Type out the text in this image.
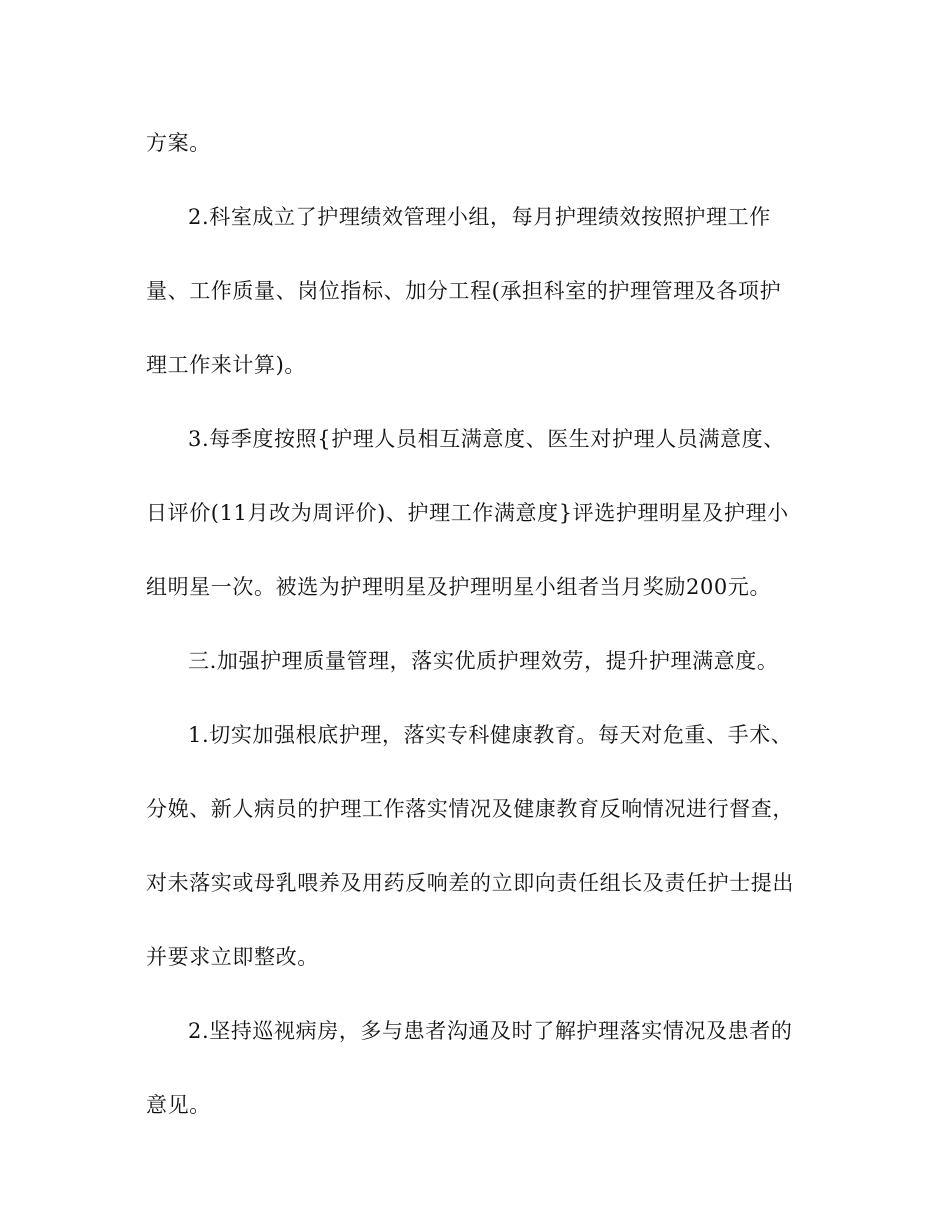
方案。
2.科室成立了护理绩效管理小组，每月护理绩效按照护理工作
量、工作质量、岗位指标、加分工程(承担科室的护理管理及各项护
理工作来计算)。
3.每季度按照{护理人员相互满意度、医生对护理人员满意度、
日评价(11月改为周评价)、护理工作满意度}评选护理明星及护理小
组明星一次。被选为护理明星及护理明星小组者当月奖励200元。
三.加强护理质量管理，落实优质护理效劳，提升护理满意度。
1.切实加强根底护理，落实专科健康教育。每天对危重、手术、
分娩、新人病员的护理工作落实情况及健康教育反响情况进行督查，
对未落实或母乳喂养及用药反响差的立即向责任组长及责任护士提出
并要求立即整改。
2.坚持巡视病房，多与患者沟通及时了解护理落实情况及患者的
意见。
